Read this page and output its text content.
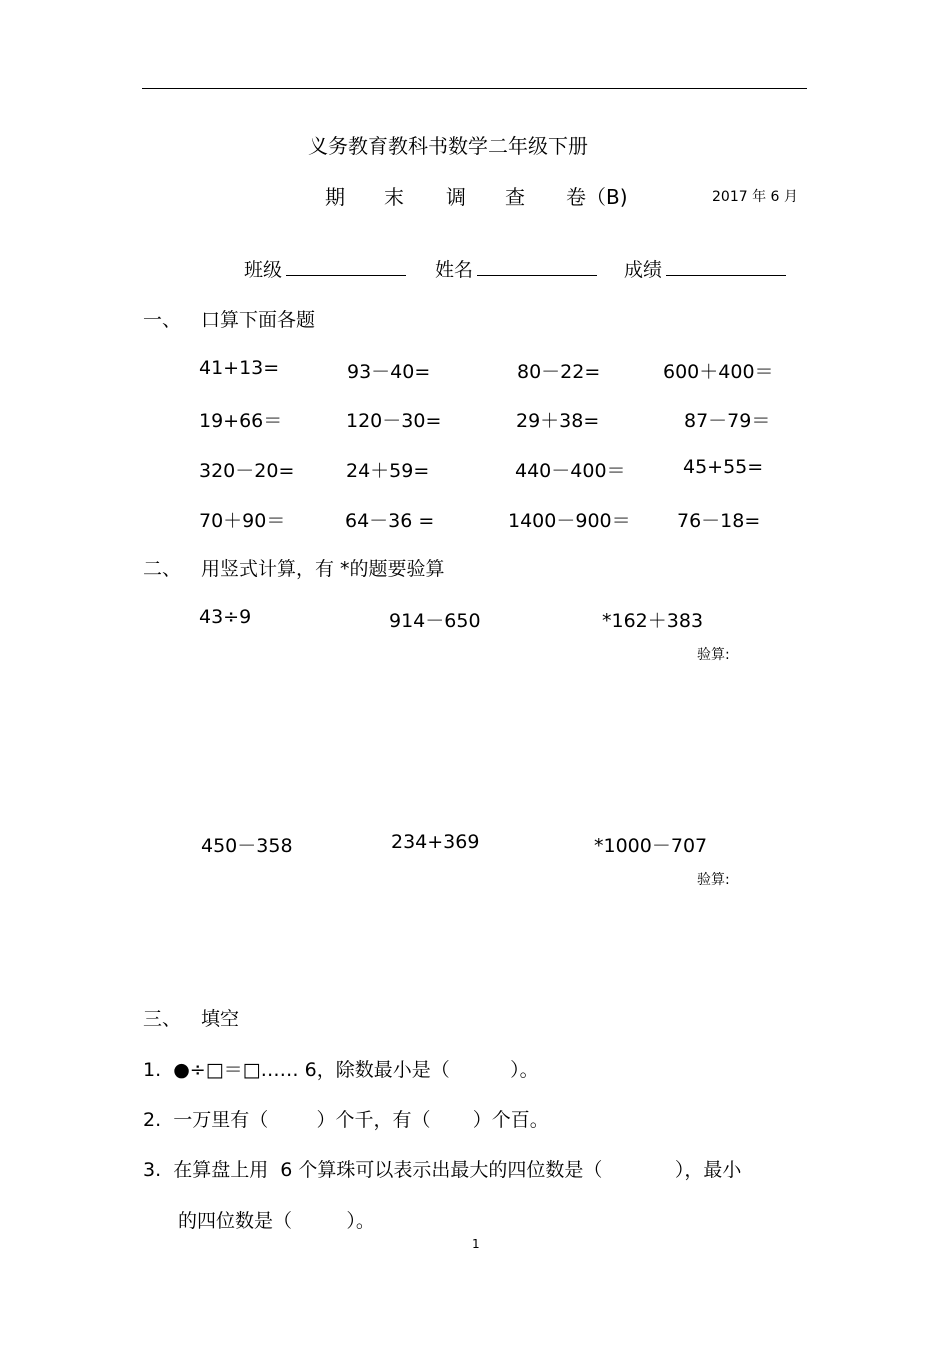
义务教育教科书数学二年级下册
期 末 调 查 卷（B)	2017 年 6 月
班级	姓名	成绩
一、 口算下面各题
41+13=	93－40=	80－22=	600＋400＝
19+66＝	120－30=	29＋38=	87－79＝
320－20=	24＋59=	440－400＝	45+55=
70＋90＝	64－36 =	1400－900＝ 76－18=
二、 用竖式计算，有 *的题要验算
43÷9	914－650	*162＋383
验算:
450－358	234+369	*1000－707
验算:
三、 填空
1.  ●÷□＝□…… 6，除数最小是（          ）。
2.  一万里有（        ）个千，有（       ）个百。
3.  在算盘上用  6 个算珠可以表示出最大的四位数是（            ），最小
的四位数是（         ）。
1
